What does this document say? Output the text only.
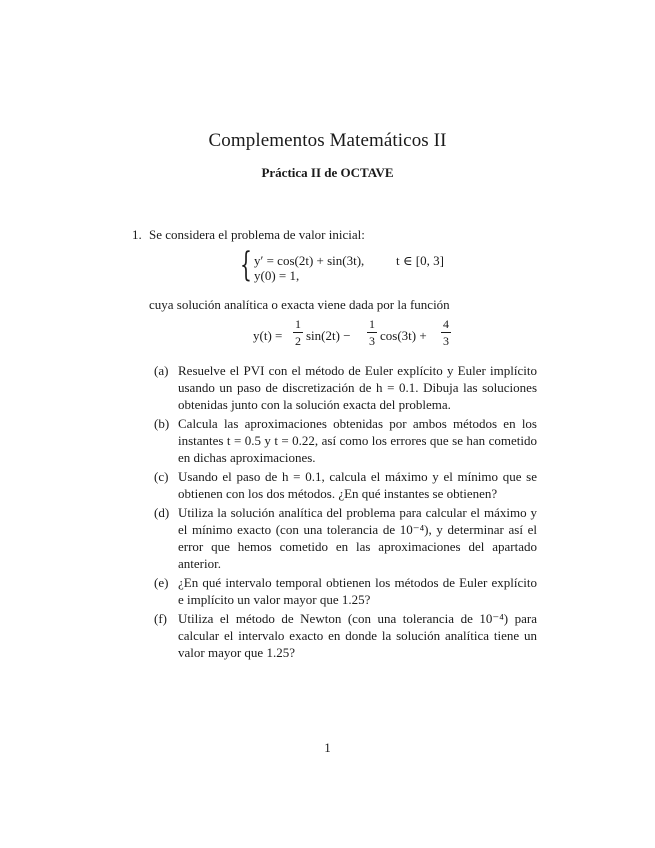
Complementos Matemáticos II
Práctica II de OCTAVE
1. Se considera el problema de valor inicial:
{ y′ = cos(2t) + sin(3t), t ∈ [0, 3]
y(0) = 1,
cuya solución analítica o exacta viene dada por la función
y(t) =
1
2 sin(2t) −
1
3 cos(3t) +
4
3
(a) Resuelve el PVI con el método de Euler explícito y Euler implícito usando un paso de discretización de h = 0.1. Dibuja las soluciones obtenidas junto con la solución exacta del problema.
(b) Calcula las aproximaciones obtenidas por ambos métodos en los instantes t = 0.5 y t = 0.22, así como los errores que se han cometido en dichas aproximaciones.
(c) Usando el paso de h = 0.1, calcula el máximo y el mínimo que se obtienen con los dos métodos. ¿En qué instantes se obtienen?
(d) Utiliza la solución analítica del problema para calcular el máximo y el mínimo exacto (con una tolerancia de 10⁻⁴), y determinar así el error que hemos cometido en las aproximaciones del apartado anterior.
(e) ¿En qué intervalo temporal obtienen los métodos de Euler explícito e implícito un valor mayor que 1.25?
(f) Utiliza el método de Newton (con una tolerancia de 10⁻⁴) para calcular el intervalo exacto en donde la solución analítica tiene un valor mayor que 1.25?
1
